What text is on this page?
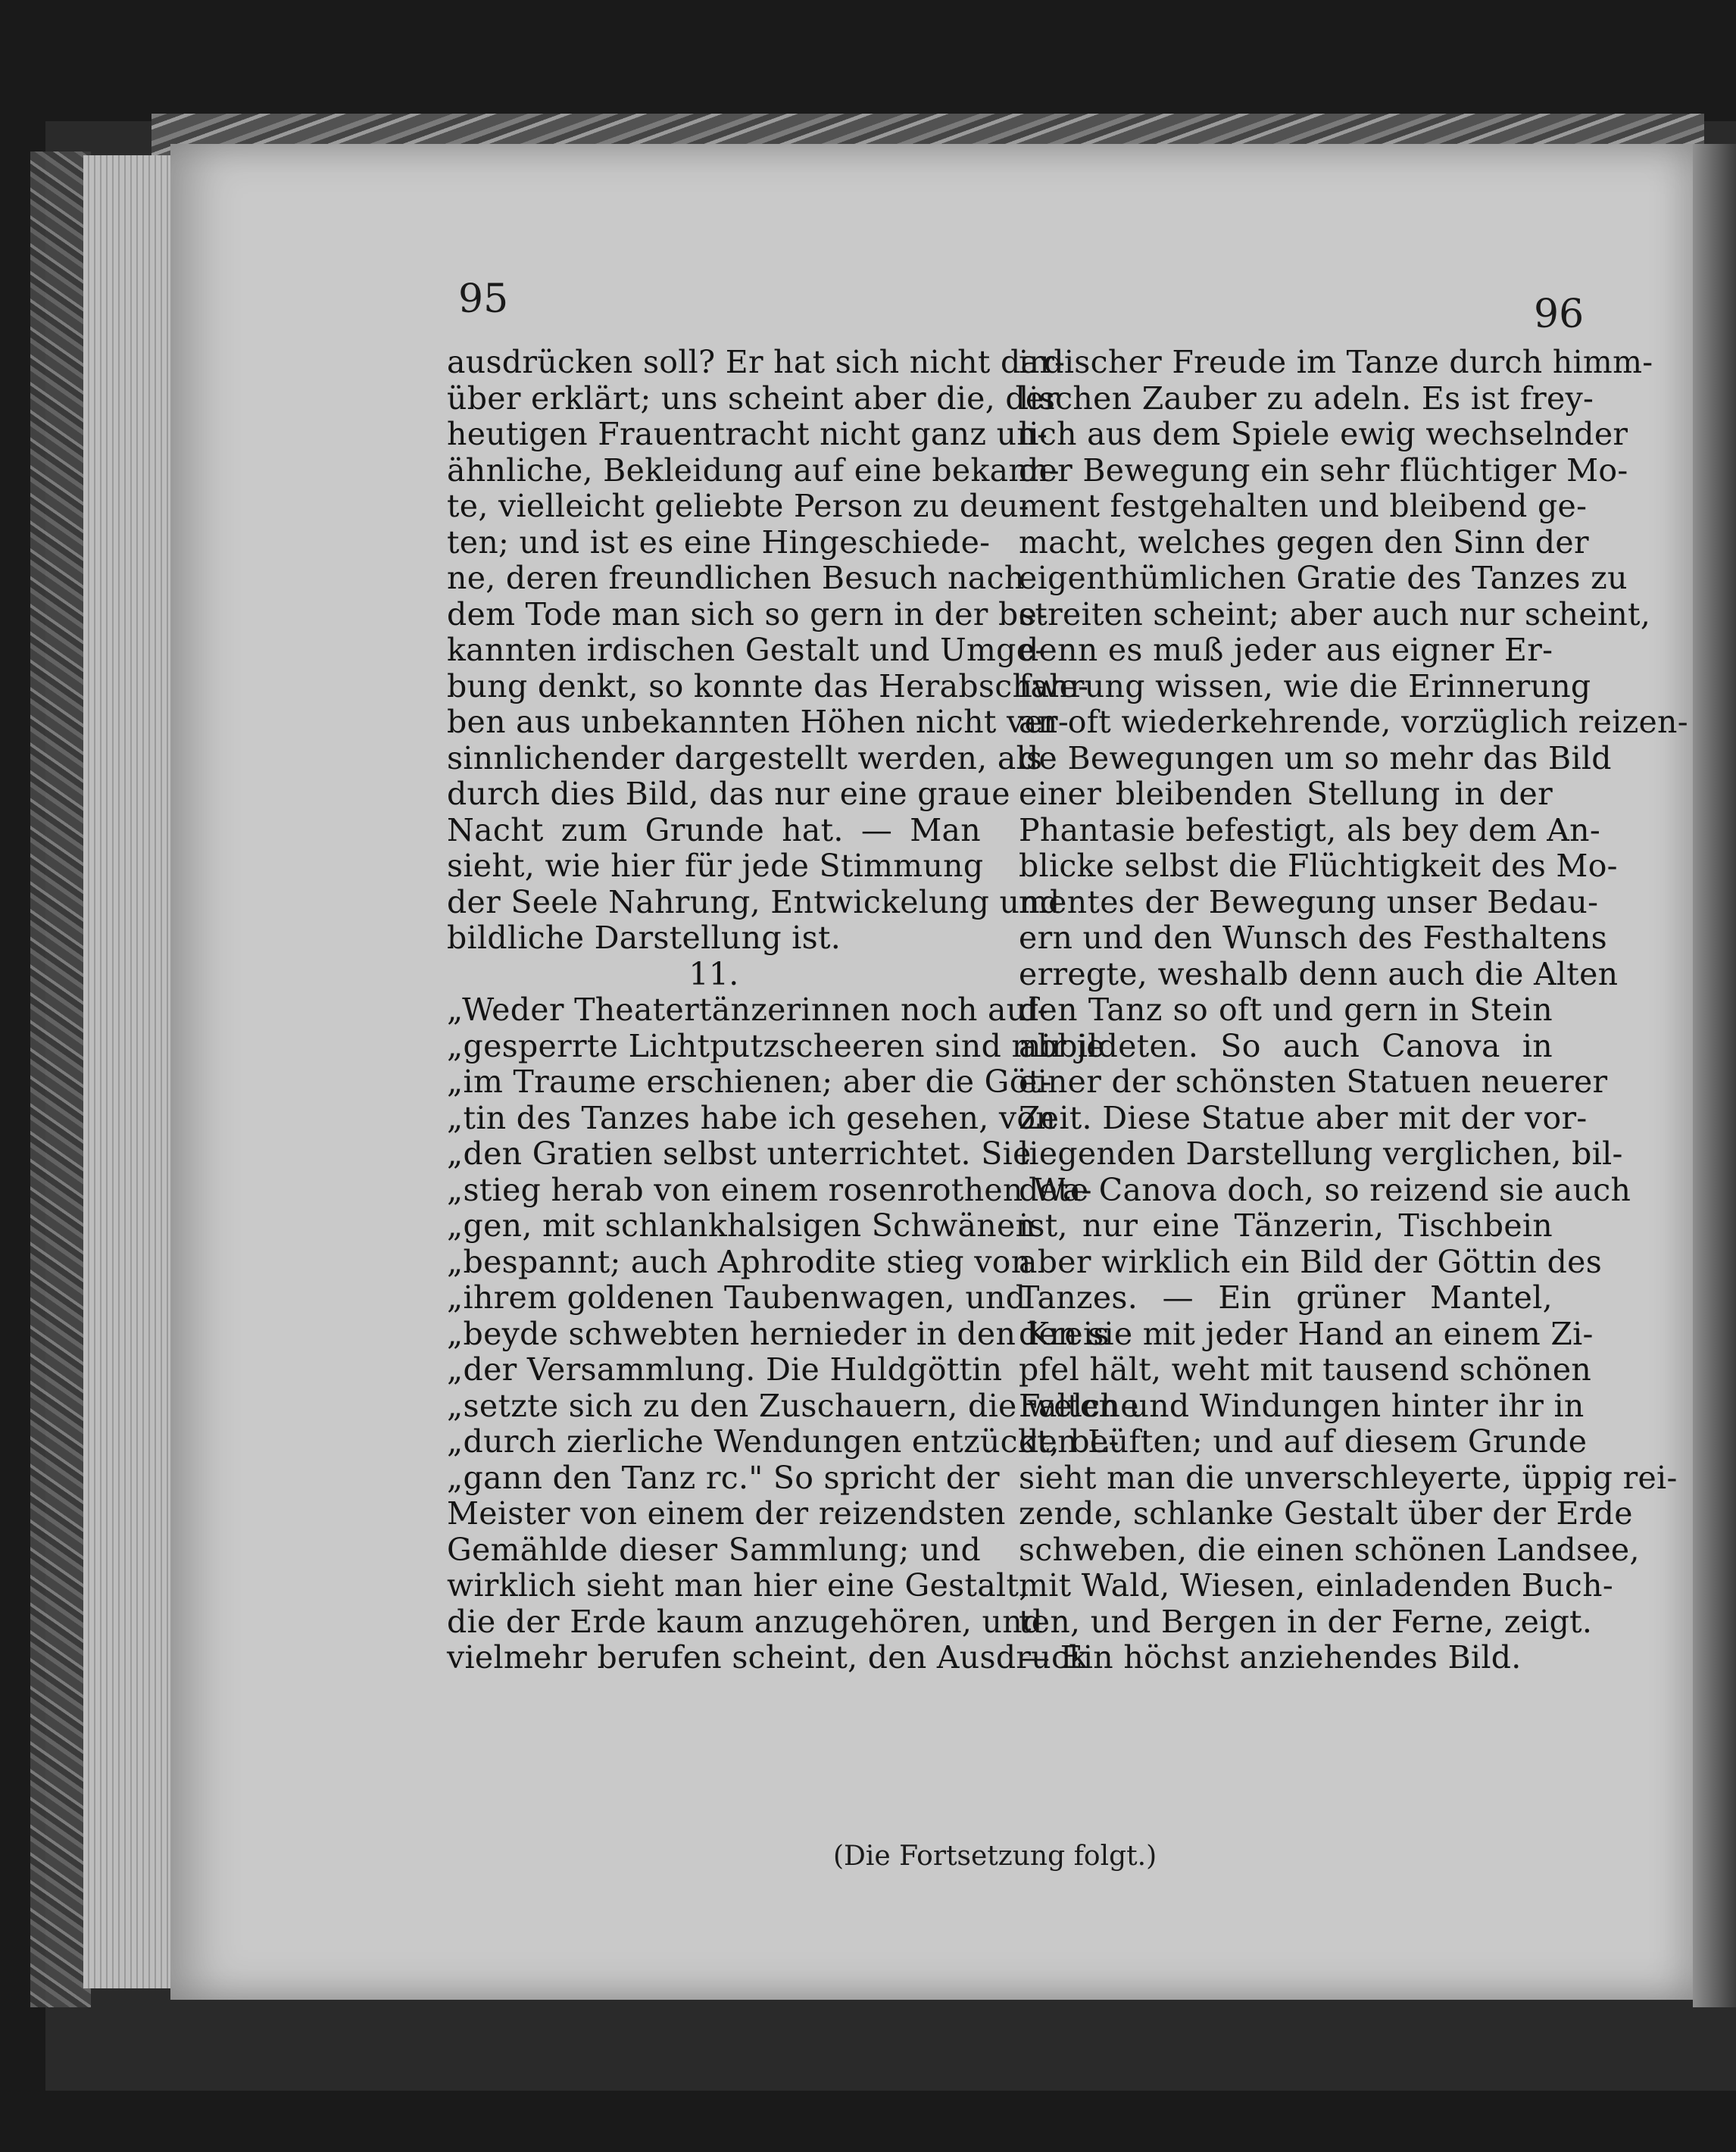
95	96
ausdrücken soll? Er hat sich nicht dar-
über erklärt; uns scheint aber die, der
heutigen Frauentracht nicht ganz un-
ähnliche, Bekleidung auf eine bekann-
te, vielleicht geliebte Person zu deu-
ten; und ist es eine Hingeschiede-
ne, deren freundlichen Besuch nach
dem Tode man sich so gern in der be-
kannten irdischen Gestalt und Umge-
bung denkt, so konnte das Herabschwe-
ben aus unbekannten Höhen nicht ver-
sinnlichender dargestellt werden, als
durch dies Bild, das nur eine graue
Nacht zum Grunde hat. — Man
sieht, wie hier für jede Stimmung
der Seele Nahrung, Entwickelung und
bildliche Darstellung ist.
11.
„Weder Theatertänzerinnen noch auf-
„gesperrte Lichtputzscheeren sind mir je
„im Traume erschienen; aber die Göt-
„tin des Tanzes habe ich gesehen, von
„den Gratien selbst unterrichtet. Sie
„stieg herab von einem rosenrothen Wa-
„gen, mit schlankhalsigen Schwänen
„bespannt; auch Aphrodite stieg von
„ihrem goldenen Taubenwagen, und
„beyde schwebten hernieder in den Kreis
„der Versammlung. Die Huldgöttin
„setzte sich zu den Zuschauern, die welche
„durch zierliche Wendungen entzückt, be-
„gann den Tanz rc." So spricht der
Meister von einem der reizendsten
Gemählde dieser Sammlung; und
wirklich sieht man hier eine Gestalt,
die der Erde kaum anzugehören, und
vielmehr berufen scheint, den Ausdruck
irdischer Freude im Tanze durch himm-
lischen Zauber zu adeln. Es ist frey-
lich aus dem Spiele ewig wechselnder
der Bewegung ein sehr flüchtiger Mo-
ment festgehalten und bleibend ge-
macht, welches gegen den Sinn der
eigenthümlichen Gratie des Tanzes zu
streiten scheint; aber auch nur scheint,
denn es muß jeder aus eigner Er-
fahrung wissen, wie die Erinnerung
an oft wiederkehrende, vorzüglich reizen-
de Bewegungen um so mehr das Bild
einer bleibenden Stellung in der
Phantasie befestigt, als bey dem An-
blicke selbst die Flüchtigkeit des Mo-
mentes der Bewegung unser Bedau-
ern und den Wunsch des Festhaltens
erregte, weshalb denn auch die Alten
den Tanz so oft und gern in Stein
abbildeten. So auch Canova in
einer der schönsten Statuen neuerer
Zeit. Diese Statue aber mit der vor-
liegenden Darstellung verglichen, bil-
dete Canova doch, so reizend sie auch
ist, nur eine Tänzerin, Tischbein
aber wirklich ein Bild der Göttin des
Tanzes. — Ein grüner Mantel,
den sie mit jeder Hand an einem Zi-
pfel hält, weht mit tausend schönen
Falten und Windungen hinter ihr in
den Lüften; und auf diesem Grunde
sieht man die unverschleyerte, üppig rei-
zende, schlanke Gestalt über der Erde
schweben, die einen schönen Landsee,
mit Wald, Wiesen, einladenden Buch-
ten, und Bergen in der Ferne, zeigt.
— Ein höchst anziehendes Bild.
(Die Fortsetzung folgt.)
